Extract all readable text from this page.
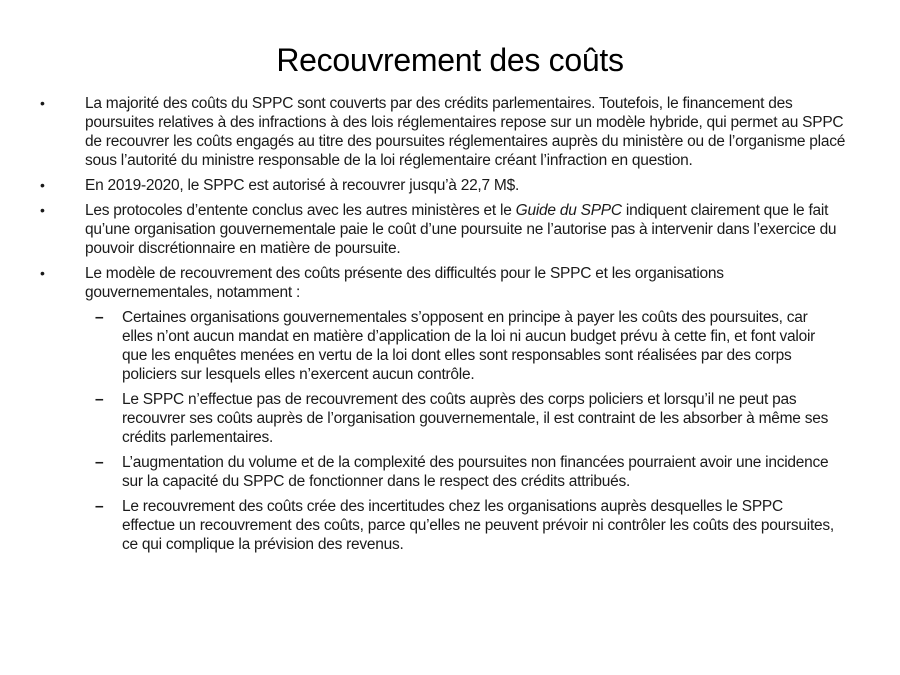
Recouvrement des coûts
•	La majorité des coûts du SPPC sont couverts par des crédits parlementaires. Toutefois, le financement des poursuites relatives à des infractions à des lois réglementaires repose sur un modèle hybride, qui permet au SPPC de recouvrer les coûts engagés au titre des poursuites réglementaires auprès du ministère ou de l’organisme placé sous l’autorité du ministre responsable de la loi réglementaire créant l’infraction en question.
•	En 2019-2020, le SPPC est autorisé à recouvrer jusqu’à 22,7 M$.
•	Les protocoles d’entente conclus avec les autres ministères et le Guide du SPPC indiquent clairement que le fait qu’une organisation gouvernementale paie le coût d’une poursuite ne l’autorise pas à intervenir dans l’exercice du pouvoir discrétionnaire en matière de poursuite.
•	Le modèle de recouvrement des coûts présente des difficultés pour le SPPC et les organisations gouvernementales, notamment :
–	Certaines organisations gouvernementales s’opposent en principe à payer les coûts des poursuites, car elles n’ont aucun mandat en matière d’application de la loi ni aucun budget prévu à cette fin, et font valoir que les enquêtes menées en vertu de la loi dont elles sont responsables sont réalisées par des corps policiers sur lesquels elles n’exercent aucun contrôle.
–	Le SPPC n’effectue pas de recouvrement des coûts auprès des corps policiers et lorsqu’il ne peut pas recouvrer ses coûts auprès de l’organisation gouvernementale, il est contraint de les absorber à même ses crédits parlementaires.
–	L’augmentation du volume et de la complexité des poursuites non financées pourraient avoir une incidence sur la capacité du SPPC de fonctionner dans le respect des crédits attribués.
–	Le recouvrement des coûts crée des incertitudes chez les organisations auprès desquelles le SPPC effectue un recouvrement des coûts, parce qu’elles ne peuvent prévoir ni contrôler les coûts des poursuites, ce qui complique la prévision des revenus.
